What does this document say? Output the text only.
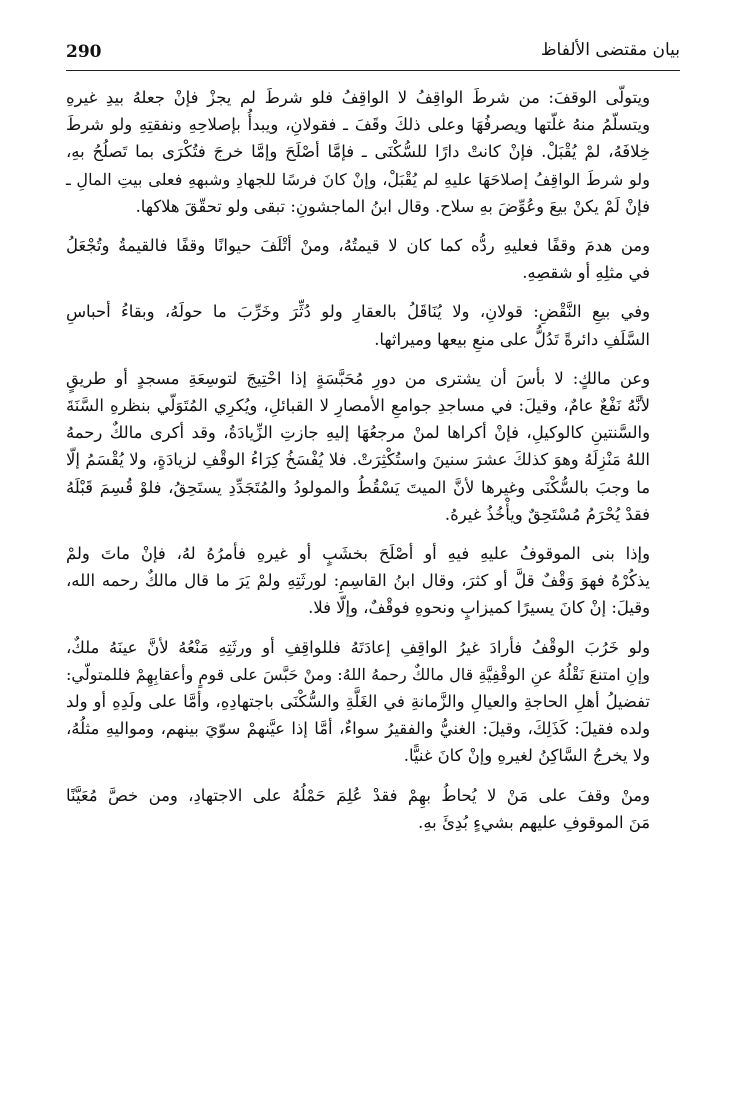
290	بيان مقتضى الألفاظ

ويتولّى الوقفَ: من شرطَ الواقِفُ لا الواقِفُ فلو شرطَ لم يجزْ فإنْ جعلهُ بيدِ غيرهِ
ويتسلّمُ منهُ غلّتها ويصرفُهَا وعلى ذلكَ وقَفَ ـ فقولانِ، ويبدأُ بإصلاحِهِ ونفقتِهِ ولو شرطَ
خِلافَهُ، لمْ يُقْبَلْ. فإنْ كانتْ دارًا للسُّكْنَى ـ فإمَّا أصْلَحَ وإمَّا خرجَ فتُكْرَى بما تَصلُحُ بهِ،
ولو شرطَ الواقِفُ إصلاحَهَا عليهِ لم يُقْبَلْ، وإنْ كانَ فرسًا للجهادِ وشبههِ فعلى بيتِ المالِ ـ
فإنْ لَمْ يكنْ بيعَ وعُوِّضَ بهِ سلاح. وقال ابنُ الماجشونِ: تبقى ولو تحقّقَ هلاكها.

ومن هدمَ وقفًا فعليهِ ردُّه كما كان لا قيمتُهُ، ومنْ أتْلَفَ حيوانًا وقفًا فالقيمةُ وتُجْعَلُ
في مثلِهِ أو شقصِهِ.

وفي بيعِ النَّقْضِ: قولانِ، ولا يُنَاقَلُ بالعقارِ ولو دُثِّرَ وخَرِّبَ ما حولَهُ، وبقاءُ أحباسِ
السَّلَفِ دائرةً تَدُلُّ على منعِ بيعها وميراثها.

وعن مالكٍ: لا بأسَ أن يشترى من دورِ مُحَبَّسَةٍ إذا احْتِيجَ لتوسِعَةِ مسجدٍ أو طريقٍ
لأنَّهُ نَفْعٌ عامٌ، وقيلَ: في مساجدِ جوامعِ الأمصارِ لا القبائلِ، ويُكرِي المُتَوَلّي بنظرهِ السَّنَةَ
والسَّنتينِ كالوكيلِ، فإنْ أكراها لمنْ مرجعُهَا إليهِ جازتِ الزِّيادَةُ، وقد أكرى مالكٌ رحمهُ
اللهُ مَنْزِلَهُ وهوَ كذلكَ عشرَ سنينَ واستُكْثِرَتْ. فلا يُفْسَخُ كِرَاءُ الوقْفِ لزيادَةٍ، ولا يُقْسَمُ إلّا
ما وجبَ بالسُّكْنَى وغيرها لأنَّ الميتَ يَسْقُطُ والمولودُ والمُتَجَدِّدِ يستَحِقُ، فلوْ قُسِمَ قَبْلَهُ
فقدْ يُحْرَمُ مُسْتَحِقٌ ويأْخُذُ غيرهُ.

وإذا بنى الموقوفُ عليهِ فيهِ أو أصْلَحَ بخشَبٍ أو غيرهِ فأمرُهُ لهُ، فإنْ ماتَ ولمْ
يذكُرْهُ فهوَ وَقْفٌ قلَّ أو كثرَ، وقال ابنُ القاسِمِ: لورثَتِهِ ولمْ يَرَ ما قال مالكٌ رحمه الله،
وقيلَ: إنْ كانَ يسيرًا كميزابٍ ونحوهِ فوقْفٌ، وإلّا فلا.

ولو خَرُبَ الوقْفُ فأرادَ غيرُ الواقِفِ إعادَتَهُ فللواقِفِ أو ورثَتِهِ مَنْعُهُ لأنَّ عينَهُ ملكٌ،
وإنِ امتنعَ نَقْلُهُ عنِ الوقْفِيَّةِ قال مالكٌ رحمهُ اللهُ: ومنْ حَبَّسَ على قومٍ وأعقابِهِمْ فللمتولّي:
تفضيلُ أهلِ الحاجةِ والعيالِ والزَّمانةِ في الغَلَّةِ والسُّكْنَى باجتهادِهِ، وأمَّا على ولَدِهِ أو ولد
ولده فقيلَ: كَذَلِكَ، وقيلَ: الغنيُّ والفقيرُ سواءٌ، أمَّا إذا عيَّنهمْ سوّيَ بينهم، ومواليهِ مثلُهُ،
ولا يخرجُ السَّاكِنُ لغيرهِ وإنْ كانَ غنيًّا.

ومنْ وقفَ على مَنْ لا يُحاطُ بهِمْ فقدْ عُلِمَ حَمْلُهُ على الاجتهادِ، ومن خصَّ مُعَيَّنًا
مَنَ الموقوفِ عليهم بشيءٍ بُدِئَ بهِ.
